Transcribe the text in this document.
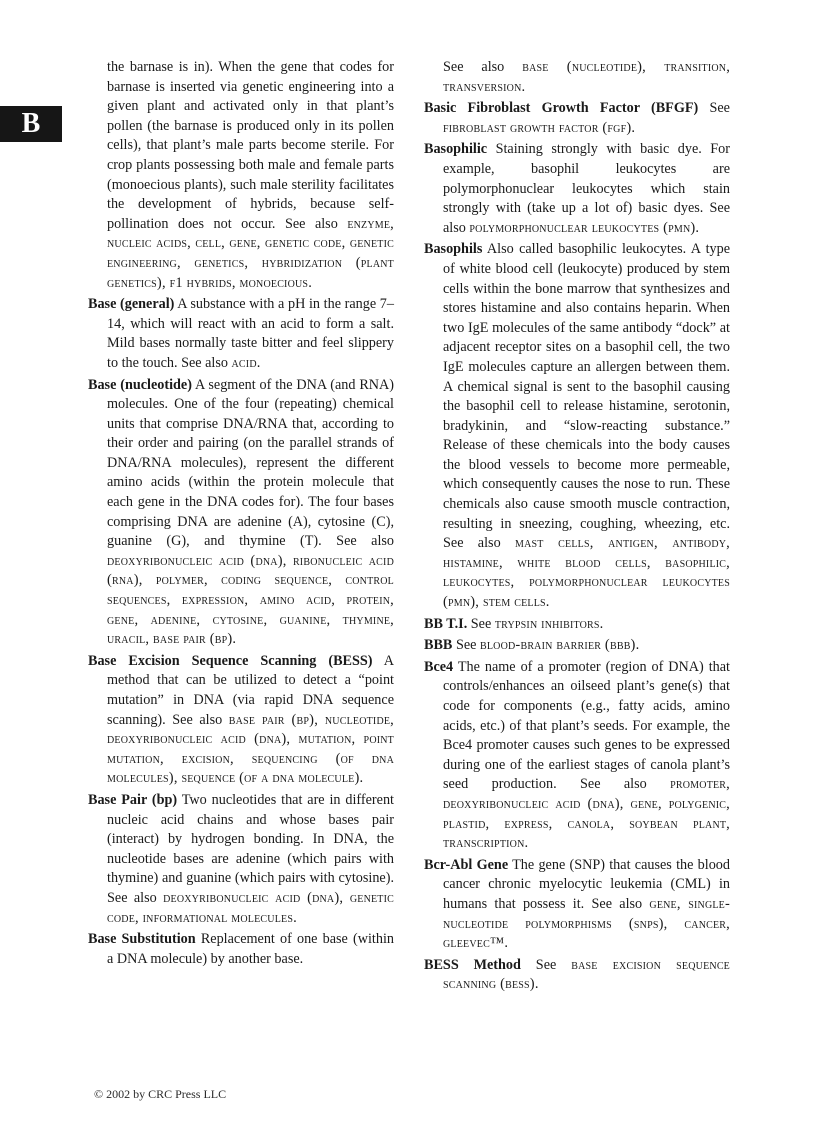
B

the barnase is in). When the gene that codes for barnase is inserted via genetic engineering into a given plant and activated only in that plant’s pollen (the barnase is produced only in its pollen cells), that plant’s male parts become sterile. For crop plants possessing both male and female parts (monoecious plants), such male sterility facilitates the development of hybrids, because self-pollination does not occur. See also enzyme, nucleic acids, cell, gene, genetic code, genetic engineering, genetics, hybridization (plant genetics), f1 hybrids, monoecious.

Base (general) A substance with a pH in the range 7–14, which will react with an acid to form a salt. Mild bases normally taste bitter and feel slippery to the touch. See also acid.

Base (nucleotide) A segment of the DNA (and RNA) molecules. One of the four (repeating) chemical units that comprise DNA/RNA that, according to their order and pairing (on the parallel strands of DNA/RNA molecules), represent the different amino acids (within the protein molecule that each gene in the DNA codes for). The four bases comprising DNA are adenine (A), cytosine (C), guanine (G), and thymine (T). See also deoxyribonucleic acid (dna), ribonucleic acid (rna), polymer, coding sequence, control sequences, expression, amino acid, protein, gene, adenine, cytosine, guanine, thymine, uracil, base pair (bp).

Base Excision Sequence Scanning (BESS) A method that can be utilized to detect a “point mutation” in DNA (via rapid DNA sequence scanning). See also base pair (bp), nucleotide, deoxyribonucleic acid (dna), mutation, point mutation, excision, sequencing (of dna molecules), sequence (of a dna molecule).

Base Pair (bp) Two nucleotides that are in different nucleic acid chains and whose bases pair (interact) by hydrogen bonding. In DNA, the nucleotide bases are adenine (which pairs with thymine) and guanine (which pairs with cytosine). See also deoxyribonucleic acid (dna), genetic code, informational molecules.

Base Substitution Replacement of one base (within a DNA molecule) by another base.

See also base (nucleotide), transition, transversion.

Basic Fibroblast Growth Factor (BFGF) See fibroblast growth factor (fgf).

Basophilic Staining strongly with basic dye. For example, basophil leukocytes are polymorphonuclear leukocytes which stain strongly with (take up a lot of) basic dyes. See also polymorphonuclear leukocytes (pmn).

Basophils Also called basophilic leukocytes. A type of white blood cell (leukocyte) produced by stem cells within the bone marrow that synthesizes and stores histamine and also contains heparin. When two IgE molecules of the same antibody “dock” at adjacent receptor sites on a basophil cell, the two IgE molecules capture an allergen between them. A chemical signal is sent to the basophil causing the basophil cell to release histamine, serotonin, bradykinin, and “slow-reacting substance.” Release of these chemicals into the body causes the blood vessels to become more permeable, which consequently causes the nose to run. These chemicals also cause smooth muscle contraction, resulting in sneezing, coughing, wheezing, etc. See also mast cells, antigen, antibody, histamine, white blood cells, basophilic, leukocytes, polymorphonuclear leukocytes (pmn), stem cells.

BB T.I. See trypsin inhibitors.

BBB See blood-brain barrier (bbb).

Bce4 The name of a promoter (region of DNA) that controls/enhances an oilseed plant’s gene(s) that code for components (e.g., fatty acids, amino acids, etc.) of that plant’s seeds. For example, the Bce4 promoter causes such genes to be expressed during one of the earliest stages of canola plant’s seed production. See also promoter, deoxyribonucleic acid (dna), gene, polygenic, plastid, express, canola, soybean plant, transcription.

Bcr-Abl Gene The gene (SNP) that causes the blood cancer chronic myelocytic leukemia (CML) in humans that possess it. See also gene, single-nucleotide polymorphisms (snps), cancer, gleevec™.

BESS Method See base excision sequence scanning (bess).

© 2002 by CRC Press LLC
